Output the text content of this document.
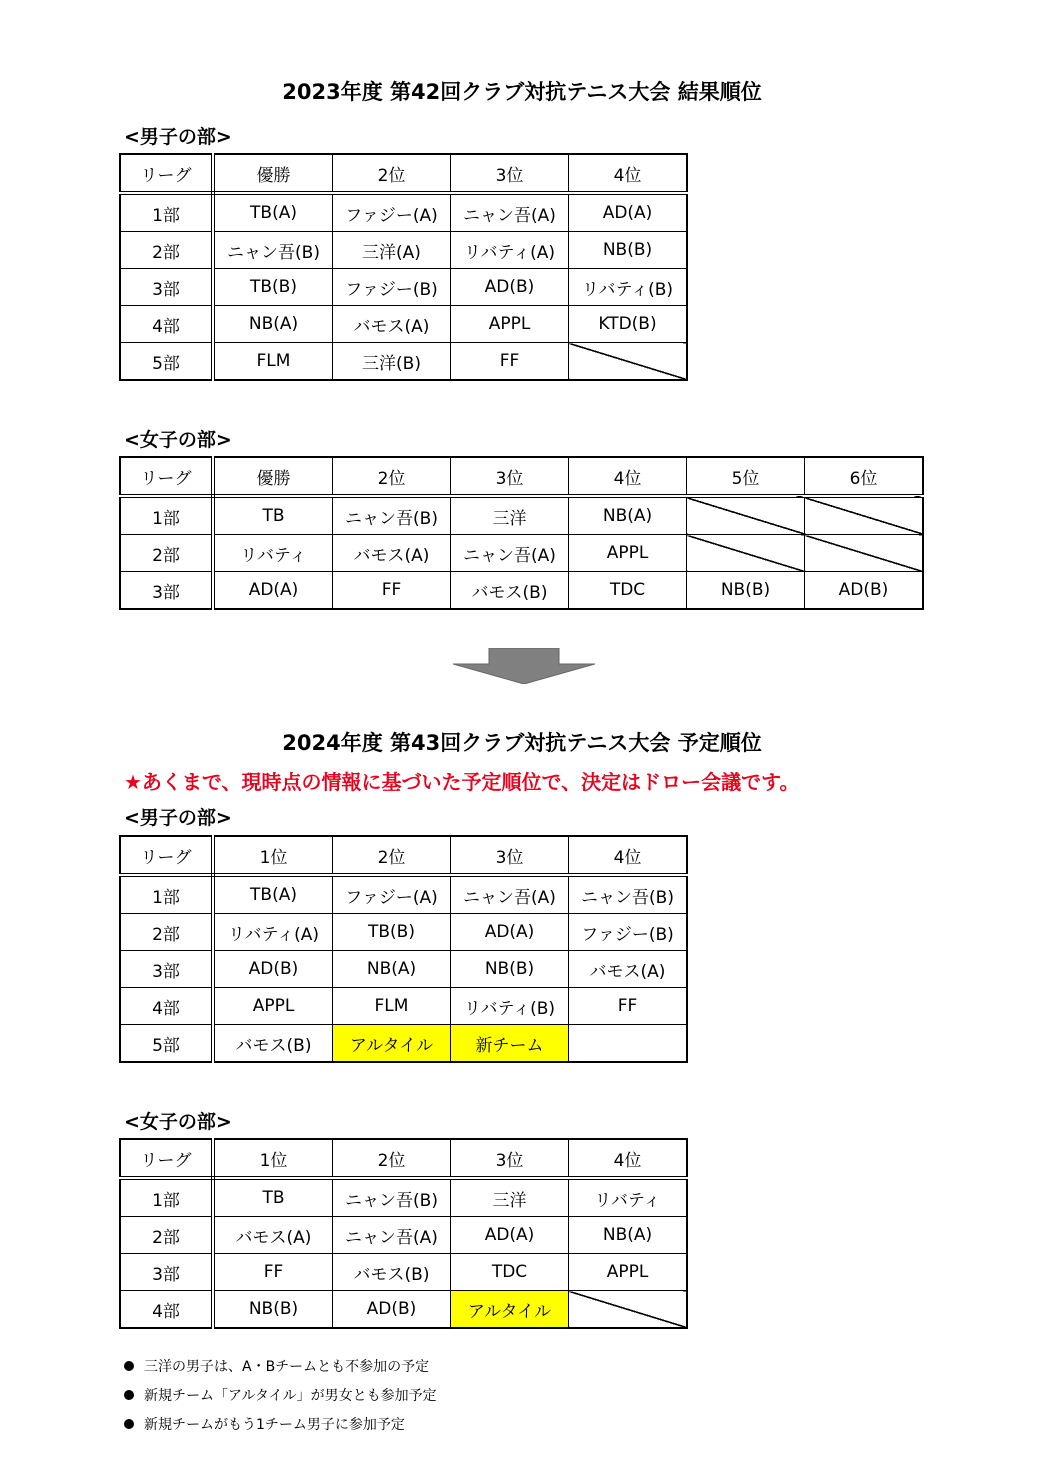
2023年度 第42回クラブ対抗テニス大会 結果順位
<男子の部>
リーグ	優勝	2位	3位	4位
1部	TB(A)	ファジー(A)	ニャン吾(A)	AD(A)
2部	ニャン吾(B)	三洋(A)	リバティ(A)	NB(B)
3部	TB(B)	ファジー(B)	AD(B)	リバティ(B)
4部	NB(A)	バモス(A)	APPL	KTD(B)
5部	FLM	三洋(B)	FF	
<女子の部>
リーグ	優勝	2位	3位	4位	5位	6位
1部	TB	ニャン吾(B)	三洋	NB(A)		
2部	リバティ	バモス(A)	ニャン吾(A)	APPL		
3部	AD(A)	FF	バモス(B)	TDC	NB(B)	AD(B)
2024年度 第43回クラブ対抗テニス大会 予定順位
★あくまで、現時点の情報に基づいた予定順位で、決定はドロー会議です。
<男子の部>
リーグ	1位	2位	3位	4位
1部	TB(A)	ファジー(A)	ニャン吾(A)	ニャン吾(B)
2部	リバティ(A)	TB(B)	AD(A)	ファジー(B)
3部	AD(B)	NB(A)	NB(B)	バモス(A)
4部	APPL	FLM	リバティ(B)	FF
5部	バモス(B)	アルタイル	新チーム	
<女子の部>
リーグ	1位	2位	3位	4位
1部	TB	ニャン吾(B)	三洋	リバティ
2部	バモス(A)	ニャン吾(A)	AD(A)	NB(A)
3部	FF	バモス(B)	TDC	APPL
4部	NB(B)	AD(B)	アルタイル	
三洋の男子は、A・Bチームとも不参加の予定
新規チーム「アルタイル」が男女とも参加予定
新規チームがもう1チーム男子に参加予定
